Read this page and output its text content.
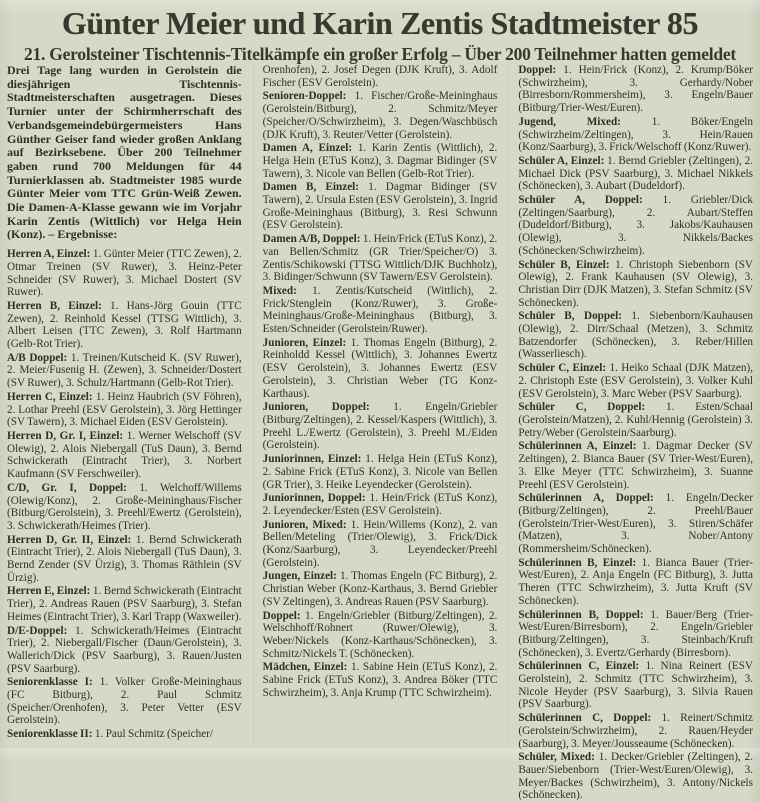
Günter Meier und Karin Zentis Stadtmeister 85
21. Gerolsteiner Tischtennis-Titelkämpfe ein großer Erfolg – Über 200 Teilnehmer hatten gemeldet

Drei Tage lang wurden in Gerolstein die diesjährigen Tischtennis-Stadtmeisterschaften ausgetragen. Dieses Turnier unter der Schirmherrschaft des Verbandsgemeindebürgermeisters Hans Günther Geiser fand wieder großen Anklang auf Bezirksebene. Über 200 Teilnehmer gaben rund 700 Meldungen für 44 Turnierklassen ab. Stadtmeister 1985 wurde Günter Meier vom TTC Grün-Weiß Zewen. Die Damen-A-Klasse gewann wie im Vorjahr Karin Zentis (Wittlich) vor Helga Hein (Konz). – Ergebnisse:

Herren A, Einzel: 1. Günter Meier (TTC Zewen), 2. Otmar Treinen (SV Ruwer), 3. Heinz-Peter Schneider (SV Ruwer), 3. Michael Dostert (SV Ruwer).

Herren B, Einzel: 1. Hans-Jörg Gouin (TTC Zewen), 2. Reinhold Kessel (TTSG Wittlich), 3. Albert Leisen (TTC Zewen), 3. Rolf Hartmann (Gelb-Rot Trier).

A/B Doppel: 1. Treinen/Kutscheid K. (SV Ruwer), 2. Meier/Fusenig H. (Zewen), 3. Schneider/Dostert (SV Ruwer), 3. Schulz/Hartmann (Gelb-Rot Trier).

Herren C, Einzel: 1. Heinz Haubrich (SV Föhren), 2. Lothar Preehl (ESV Gerolstein), 3. Jörg Hettinger (SV Tawern), 3. Michael Eiden (ESV Gerolstein).

Herren D, Gr. I, Einzel: 1. Werner Welschoff (SV Olewig), 2. Alois Niebergall (TuS Daun), 3. Bernd Schwickerath (Eintracht Trier), 3. Norbert Kaufmann (SV Ferschweiler).

C/D, Gr. I, Doppel: 1. Welchoff/Willems (Olewig/Konz), 2. Große-Meininghaus/Fischer (Bitburg/Gerolstein), 3. Preehl/Ewertz (Gerolstein), 3. Schwickerath/Heimes (Trier).

Herren D, Gr. II, Einzel: 1. Bernd Schwickerath (Eintracht Trier), 2. Alois Niebergall (TuS Daun), 3. Bernd Zender (SV Ürzig), 3. Thomas Räthlein (SV Ürzig).

Herren E, Einzel: 1. Bernd Schwickerath (Eintracht Trier), 2. Andreas Rauen (PSV Saarburg), 3. Stefan Heimes (Eintracht Trier), 3. Karl Trapp (Waxweiler).

D/E-Doppel: 1. Schwickerath/Heimes (Eintracht Trier), 2. Niebergall/Fischer (Daun/Gerolstein), 3. Wallerich/Dick (PSV Saarburg), 3. Rauen/Justen (PSV Saarburg).

Seniorenklasse I: 1. Volker Große-Meininghaus (FC Bitburg), 2. Paul Schmitz (Speicher/Orenhofen), 3. Peter Vetter (ESV Gerolstein).

Seniorenklasse II: 1. Paul Schmitz (Speicher/

Orenhofen), 2. Josef Degen (DJK Kruft), 3. Adolf Fischer (ESV Gerolstein).

Senioren-Doppel: 1. Fischer/Große-Meininghaus (Gerolstein/Bitburg), 2. Schmitz/Meyer (Speicher/O/Schwirzheim), 3. Degen/Waschbüsch (DJK Kruft), 3. Reuter/Vetter (Gerolstein).

Damen A, Einzel: 1. Karin Zentis (Wittlich), 2. Helga Hein (ETuS Konz), 3. Dagmar Bidinger (SV Tawern), 3. Nicole van Bellen (Gelb-Rot Trier).

Damen B, Einzel: 1. Dagmar Bidinger (SV Tawern), 2. Ursula Esten (ESV Gerolstein), 3. Ingrid Große-Meininghaus (Bitburg), 3. Resi Schwunn (ESV Gerolstein).

Damen A/B, Doppel: 1. Hein/Frick (ETuS Konz), 2. van Bellen/Schmitz (GR Trier/Speicher/O) 3. Zentis/Schikowski (TTSG Wittlich/DJK Buchholz), 3. Bidinger/Schwunn (SV Tawern/ESV Gerolstein).

Mixed: 1. Zentis/Kutscheid (Wittlich), 2. Frick/Stenglein (Konz/Ruwer), 3. Große-Meininghaus/Große-Meininghaus (Bitburg), 3. Esten/Schneider (Gerolstein/Ruwer).

Junioren, Einzel: 1. Thomas Engeln (Bitburg), 2. Reinholdd Kessel (Wittlich), 3. Johannes Ewertz (ESV Gerolstein), 3. Johannes Ewertz (ESV Gerolstein), 3. Christian Weber (TG Konz-Karthaus).

Junioren, Doppel: 1. Engeln/Griebler (Bitburg/Zeltingen), 2. Kessel/Kaspers (Wittlich), 3. Preehl L./Ewertz (Gerolstein), 3. Preehl M./Eiden (Gerolstein).

Juniorinnen, Einzel: 1. Helga Hein (ETuS Konz), 2. Sabine Frick (ETuS Konz), 3. Nicole van Bellen (GR Trier), 3. Heike Leyendecker (Gerolstein).

Juniorinnen, Doppel: 1. Hein/Frick (ETuS Konz), 2. Leyendecker/Esten (ESV Gerolstein).

Junioren, Mixed: 1. Hein/Willems (Konz), 2. van Bellen/Meteling (Trier/Olewig), 3. Frick/Dick (Konz/Saarburg), 3. Leyendecker/Preehl (Gerolstein).

Jungen, Einzel: 1. Thomas Engeln (FC Bitburg), 2. Christian Weber (Konz-Karthaus, 3. Bernd Griebler (SV Zeltingen), 3. Andreas Rauen (PSV Saarburg).

Doppel: 1. Engeln/Griebler (Bitburg/Zeltingen), 2. Welschhoff/Rohnert (Ruwer/Olewig), 3. Weber/Nickels (Konz-Karthaus/Schönecken), 3. Schmitz/Nickels T. (Schönecken).

Mädchen, Einzel: 1. Sabine Hein (ETuS Konz), 2. Sabine Frick (ETuS Konz), 3. Andrea Böker (TTC Schwirzheim), 3. Anja Krump (TTC Schwirzheim).

Doppel: 1. Hein/Frick (Konz), 2. Krump/Böker (Schwirzheim), 3. Gerhardy/Nober (Birresborn/Rommersheim), 3. Engeln/Bauer (Bitburg/Trier-West/Euren).

Jugend, Mixed:	1. Böker/Engeln (Schwirzheim/Zeltingen), 3. Hein/Rauen (Konz/Saarburg), 3. Frick/Welschoff (Konz/Ruwer).

Schüler A, Einzel: 1. Bernd Griebler (Zeltingen), 2. Michael Dick (PSV Saarburg), 3. Michael Nikkels (Schönecken), 3. Aubart (Dudeldorf).

Schüler A, Doppel: 1. Griebler/Dick (Zeltingen/Saarburg), 2. Aubart/Steffen (Dudeldorf/Bitburg), 3. Jakobs/Kauhausen (Olewig), 3. Nikkels/Backes (Schönecken/Schwirzheim).

Schüler B, Einzel: 1. Christoph Siebenborn (SV Olewig), 2. Frank Kauhausen (SV Olewig), 3. Christian Dirr (DJK Matzen), 3. Stefan Schmitz (SV Schönecken).

Schüler B, Doppel: 1. Siebenborn/Kauhausen (Olewig), 2. Dirr/Schaal (Metzen), 3. Schmitz Batzendorfer (Schönecken), 3. Reber/Hillen (Wasserliesch).

Schüler C, Einzel: 1. Heiko Schaal (DJK Matzen), 2. Christoph Este (ESV Gerolstein), 3. Volker Kuhl (ESV Gerolstein), 3. Marc Weber (PSV Saarburg).

Schüler C, Doppel: 1. Esten/Schaal (Gerolstein/Matzen), 2. Kuhl/Hennig (Gerolstein) 3. Petry/Weber (Gerolstein/Saarburg).

Schülerinnen A, Einzel: 1. Dagmar Decker (SV Zeltingen), 2. Bianca Bauer (SV Trier-West/Euren), 3. Elke Meyer (TTC Schwirzheim), 3. Suanne Preehl (ESV Gerolstein).

Schülerinnen A, Doppel: 1. Engeln/Decker (Bitburg/Zeltingen), 2. Preehl/Bauer (Gerolstein/Trier-West/Euren), 3. Stiren/Schäfer (Matzen), 3. Nober/Antony (Rommersheim/Schönecken).

Schülerinnen B, Einzel: 1. Bianca Bauer (Trier-West/Euren), 2. Anja Engeln (FC Bitburg), 3. Jutta Theren (TTC Schwirzheim), 3. Jutta Kruft (SV Schönecken).

Schülerinnen B, Doppel: 1. Bauer/Berg (Trier-West/Euren/Birresborn), 2. Engeln/Griebler (Bitburg/Zeltingen), 3. Steinbach/Kruft (Schönecken), 3. Evertz/Gerhardy (Birresborn).

Schülerinnen C, Einzel: 1. Nina Reinert (ESV Gerolstein), 2. Schmitz (TTC Schwirzheim), 3. Nicole Heyder (PSV Saarburg), 3. Silvia Rauen (PSV Saarburg).

Schülerinnen C, Doppel: 1. Reinert/Schmitz (Gerolstein/Schwirzheim), 2. Rauen/Heyder (Saarburg), 3. Meyer/Jousseaume (Schönecken).

Schüler, Mixed: 1. Decker/Griebler (Zeltingen), 2. Bauer/Siebenborn (Trier-West/Euren/Olewig), 3. Meyer/Backes (Schwirzheim), 3. Antony/Nickels (Schönecken).
